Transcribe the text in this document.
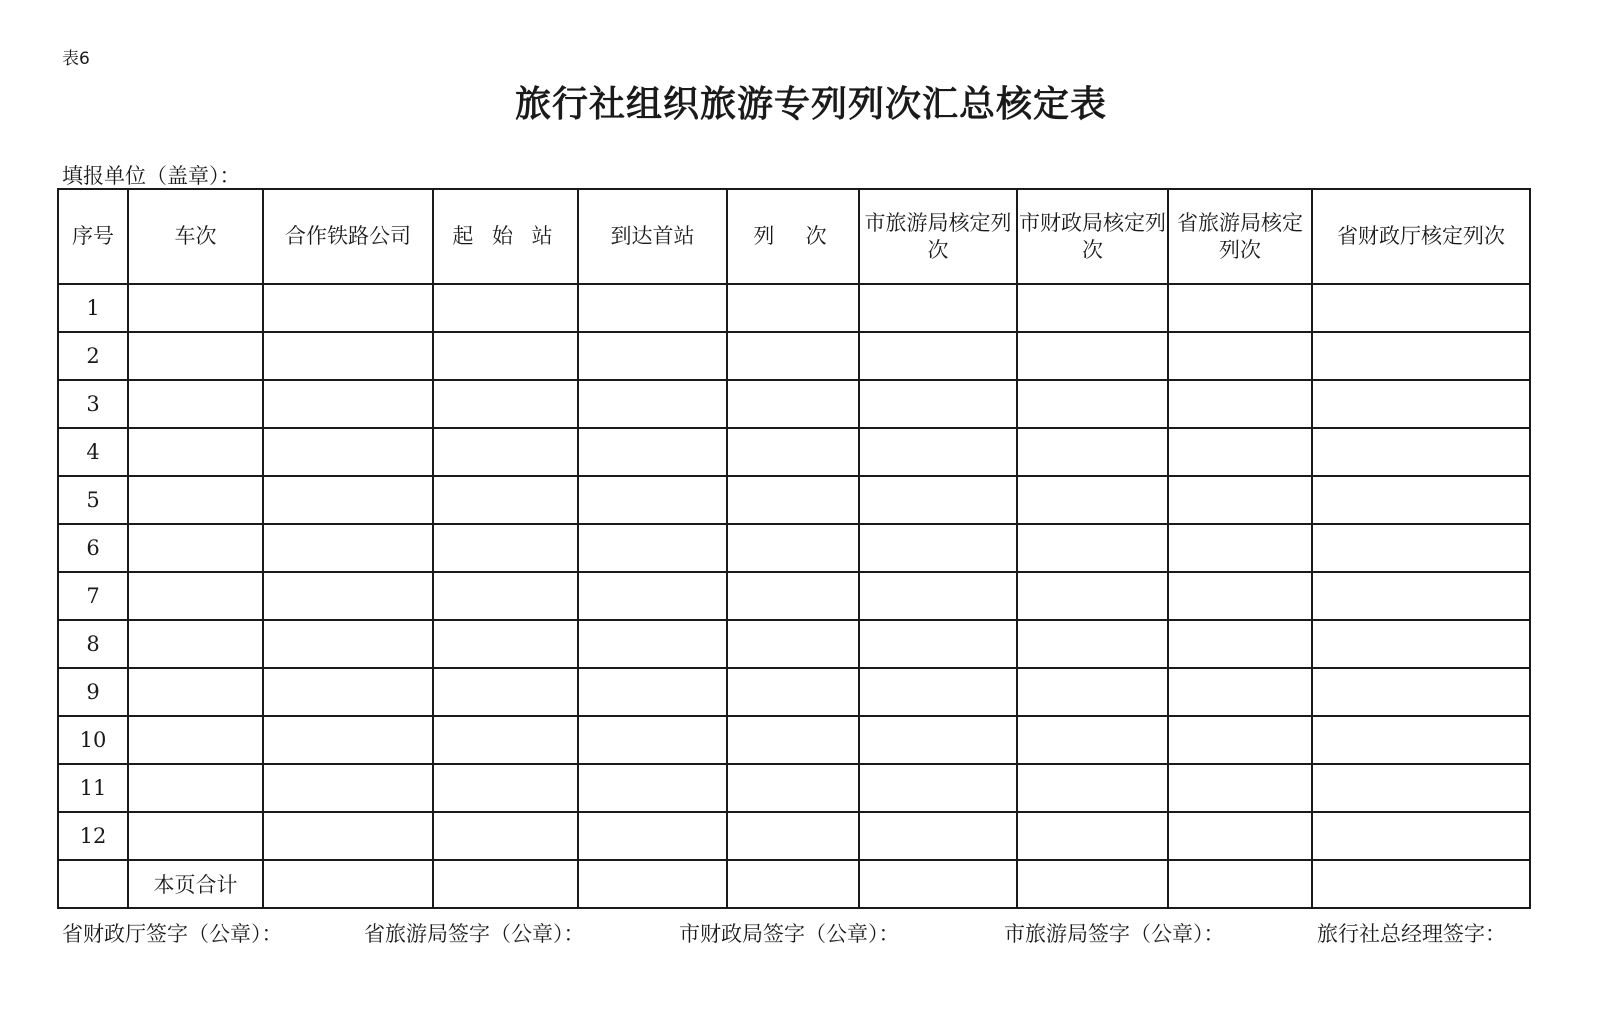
表6
旅行社组织旅游专列列次汇总核定表
填报单位（盖章）：
序号	车次	合作铁路公司	起 始 站	到达首站	列  次	市旅游局核定列次	市财政局核定列次	省旅游局核定列次	省财政厅核定列次
1									
2									
3									
4									
5									
6									
7									
8									
9									
10									
11									
12									
	本页合计								
省财政厅签字（公章）：	省旅游局签字（公章）：	市财政局签字（公章）：	市旅游局签字（公章）：	旅行社总经理签字：
